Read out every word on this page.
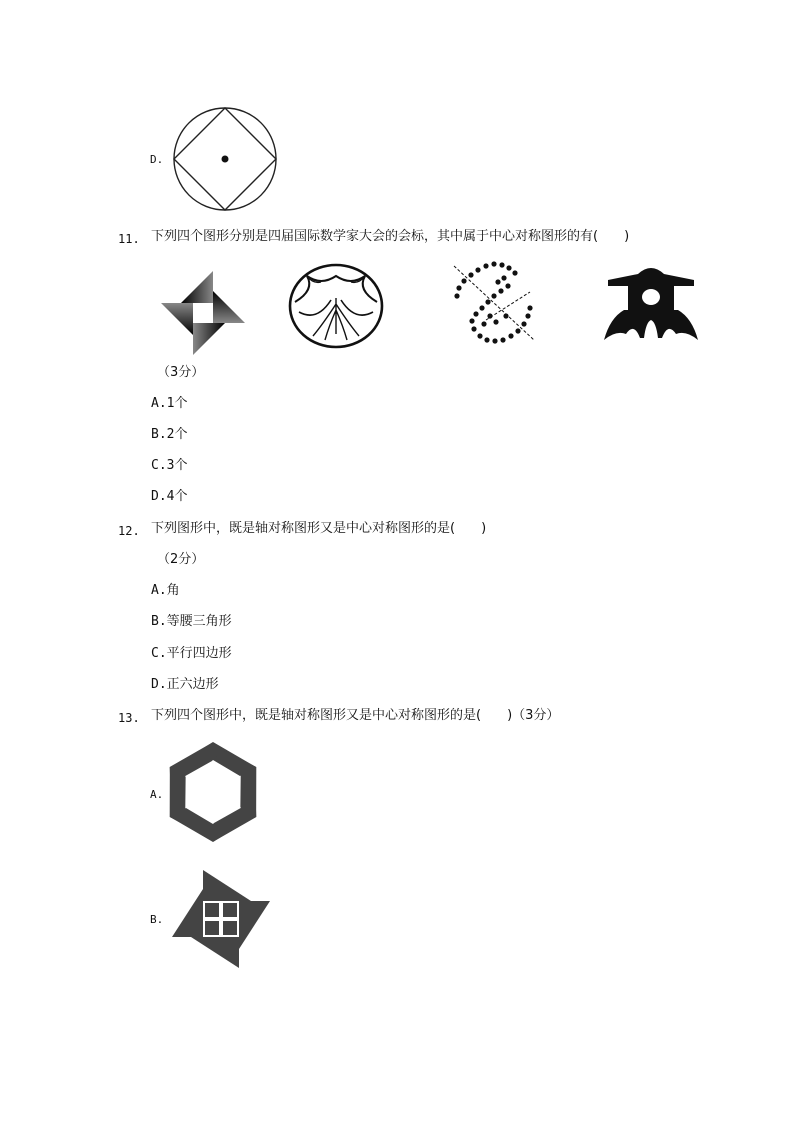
D.
11. 下列四个图形分别是四届国际数学家大会的会标，其中属于中心对称图形的有(　　)
（3分）
A.1个
B.2个
C.3个
D.4个
12. 下列图形中，既是轴对称图形又是中心对称图形的是(　　)
（2分）
A.角
B.等腰三角形
C.平行四边形
D.正六边形
13. 下列四个图形中，既是轴对称图形又是中心对称图形的是(　　)（3分）
A.
B.
